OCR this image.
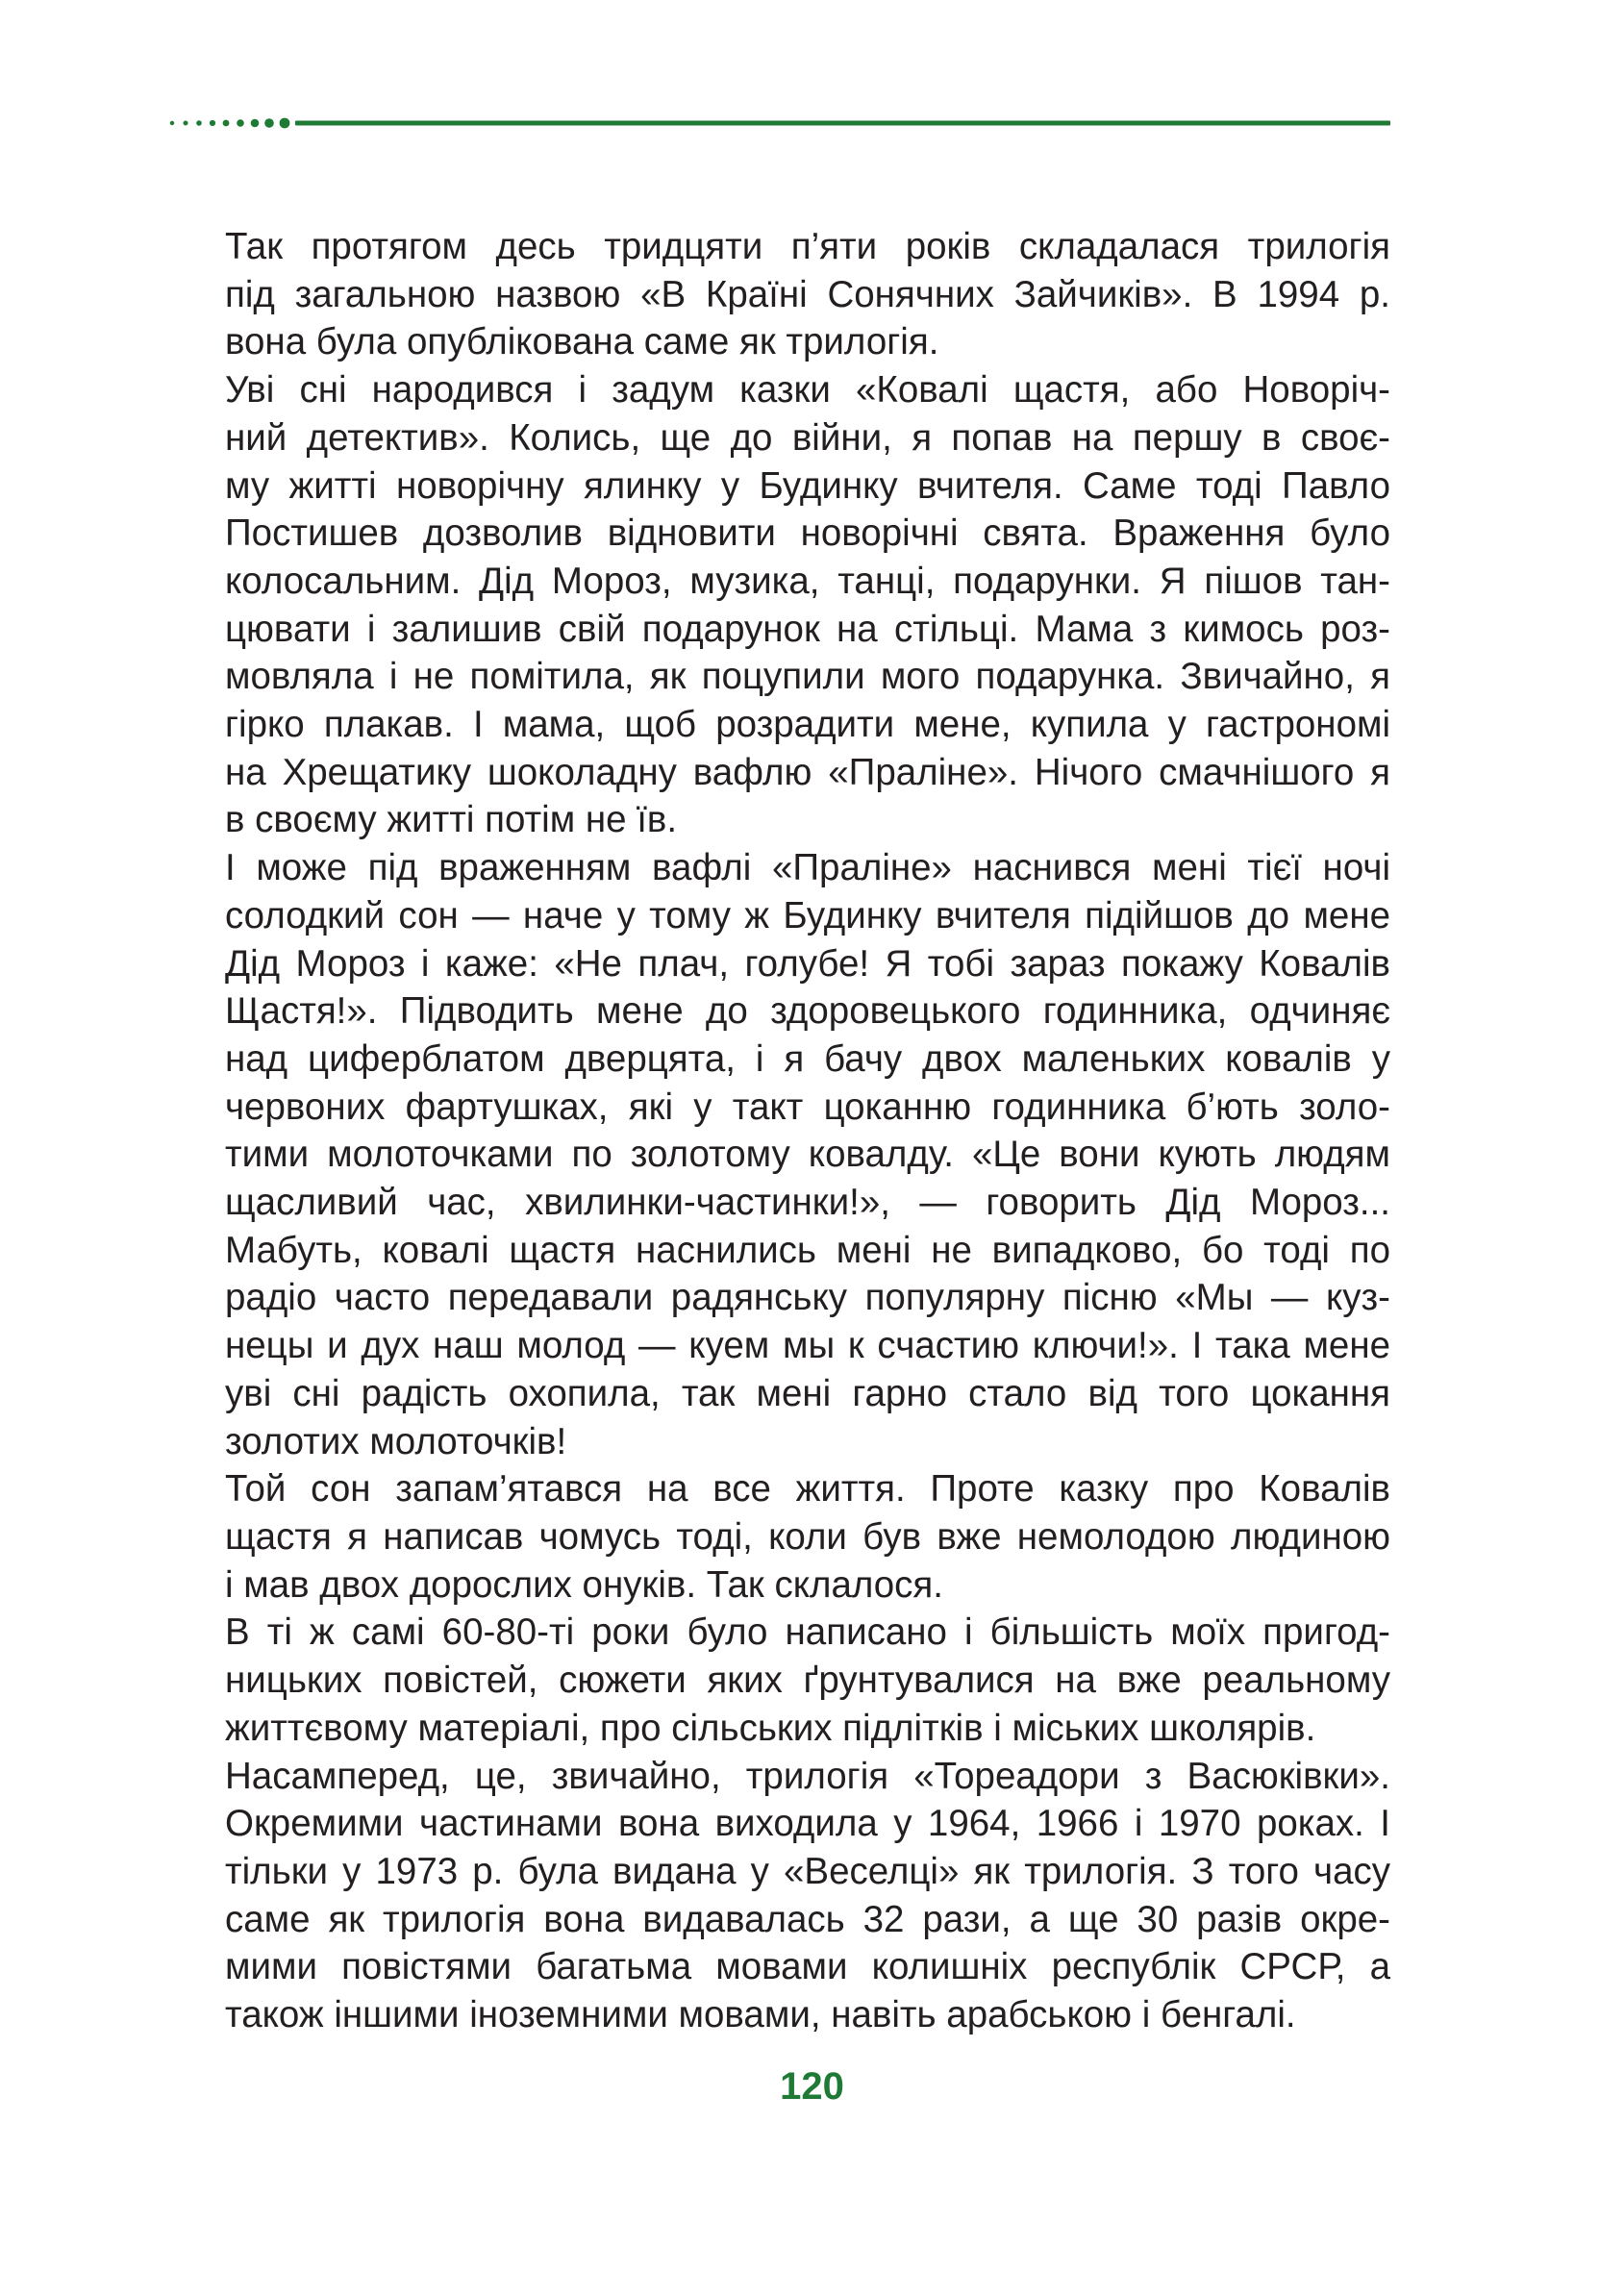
Так протягом десь тридцяти п’яти років складалася трилогія
під загальною назвою «В Країні Сонячних Зайчиків». В 1994 р.
вона була опублікована саме як трилогія.

Уві сні народився і задум казки «Ковалі щастя, або Новоріч-
ний детектив». Колись, ще до війни, я попав на першу в своє-
му житті новорічну ялинку у Будинку вчителя. Саме тоді Павло
Постишев дозволив відновити новорічні свята. Враження було
колосальним. Дід Мороз, музика, танці, подарунки. Я пішов тан-
цювати і залишив свій подарунок на стільці. Мама з кимось роз-
мовляла і не помітила, як поцупили мого подарунка. Звичайно, я
гірко плакав. І мама, щоб розрадити мене, купила у гастрономі
на Хрещатику шоколадну вафлю «Праліне». Нічого смачнішого я
в своєму житті потім не їв.

І може під враженням вафлі «Праліне» наснився мені тієї ночі
солодкий сон — наче у тому ж Будинку вчителя підійшов до мене
Дід Мороз і каже: «Не плач, голубе! Я тобі зараз покажу Ковалів
Щастя!». Підводить мене до здоровецького годинника, одчиняє
над циферблатом дверцята, і я бачу двох маленьких ковалів у
червоних фартушках, які у такт цоканню годинника б’ють золо-
тими молоточками по золотому ковалду. «Це вони кують людям
щасливий час, хвилинки-частинки!», — говорить Дід Мороз...
Мабуть, ковалі щастя наснились мені не випадково, бо тоді по
радіо часто передавали радянську популярну пісню «Мы — куз-
нецы и дух наш молод — куем мы к счастию ключи!». І така мене
уві сні радість охопила, так мені гарно стало від того цокання
золотих молоточків!

Той сон запам’ятався на все життя. Проте казку про Ковалів
щастя я написав чомусь тоді, коли був вже немолодою людиною
і мав двох дорослих онуків. Так склалося.

В ті ж самі 60-80-ті роки було написано і більшість моїх пригод-
ницьких повістей, сюжети яких ґрунтувалися на вже реальному
життєвому матеріалі, про сільських підлітків і міських школярів.

Насамперед, це, звичайно, трилогія «Тореадори з Васюківки».
Окремими частинами вона виходила у 1964, 1966 і 1970 роках. І
тільки у 1973 р. була видана у «Веселці» як трилогія. З того часу
саме як трилогія вона видавалась 32 рази, а ще 30 разів окре-
мими повістями багатьма мовами колишніх республік СРСР, а
також іншими іноземними мовами, навіть арабською і бенгалі.

120
